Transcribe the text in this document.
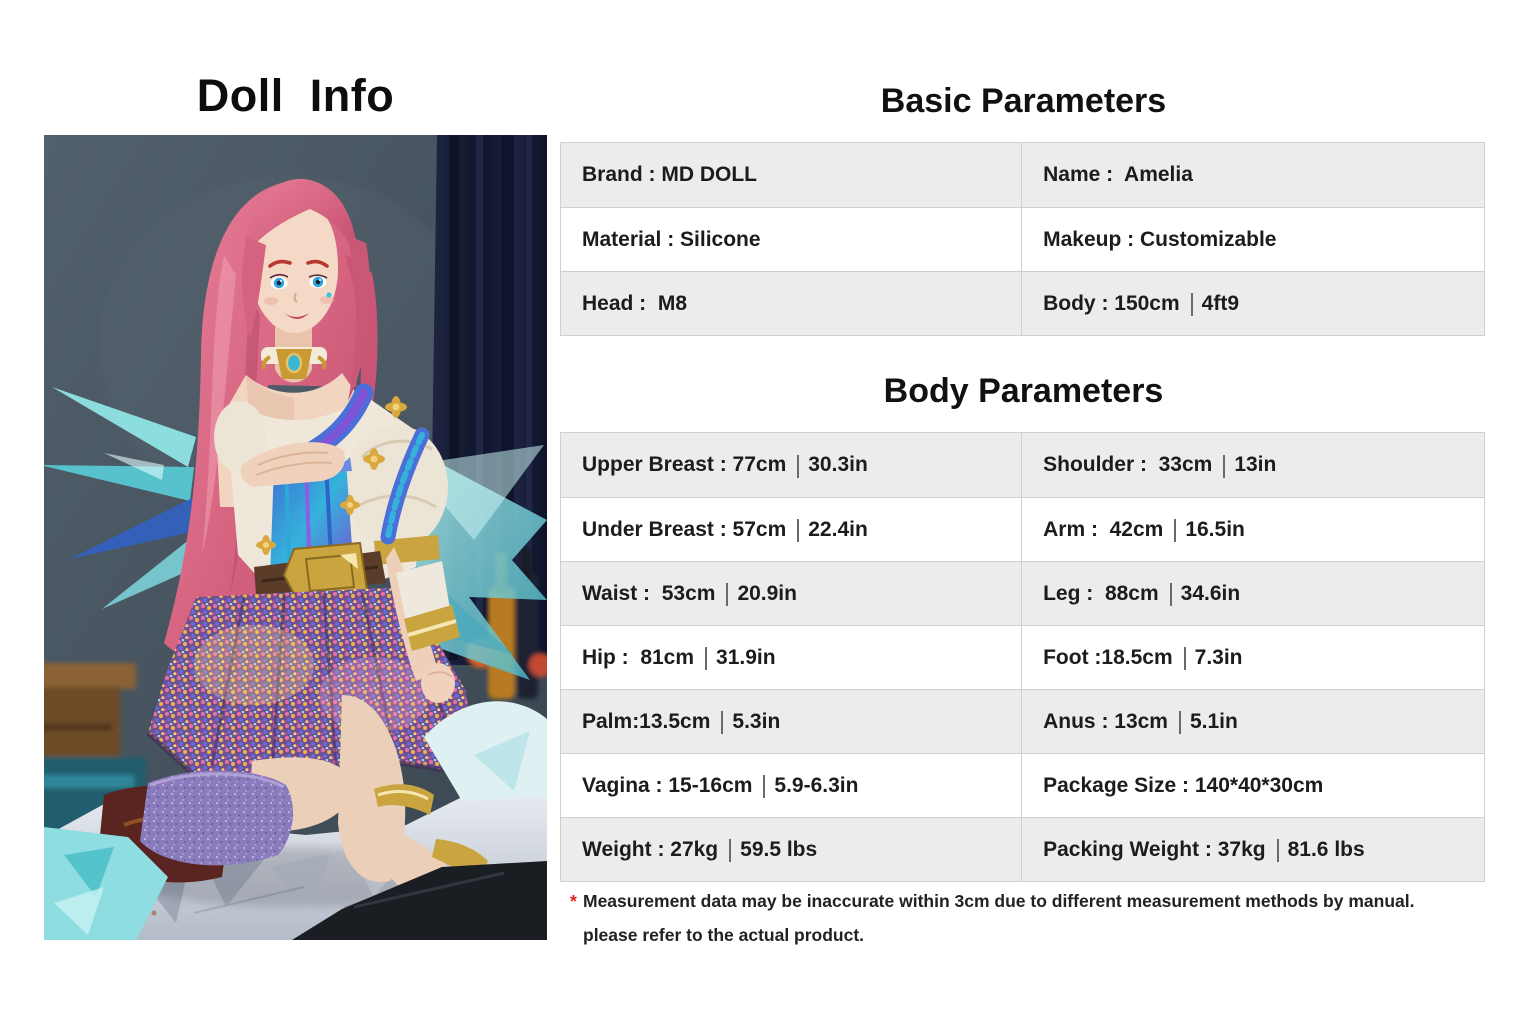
Doll  Info	Basic Parameters
Brand : MD DOLL	Name :  Amelia
Material : Silicone	Makeup : Customizable
Head :  M8	Body : 150cm 4ft9
Body Parameters
Upper Breast : 77cm 30.3in	Shoulder :  33cm 13in
Under Breast : 57cm 22.4in	Arm :  42cm 16.5in
Waist :  53cm 20.9in	Leg :  88cm 34.6in
Hip :  81cm 31.9in	Foot :18.5cm 7.3in
Palm:13.5cm 5.3in	Anus : 13cm 5.1in
Vagina : 15-16cm 5.9-6.3in	Package Size : 140*40*30cm
Weight : 27kg 59.5 lbs	Packing Weight : 37kg 81.6 lbs

* Measurement data may be inaccurate within 3cm due to different measurement methods by manual.
please refer to the actual product.
